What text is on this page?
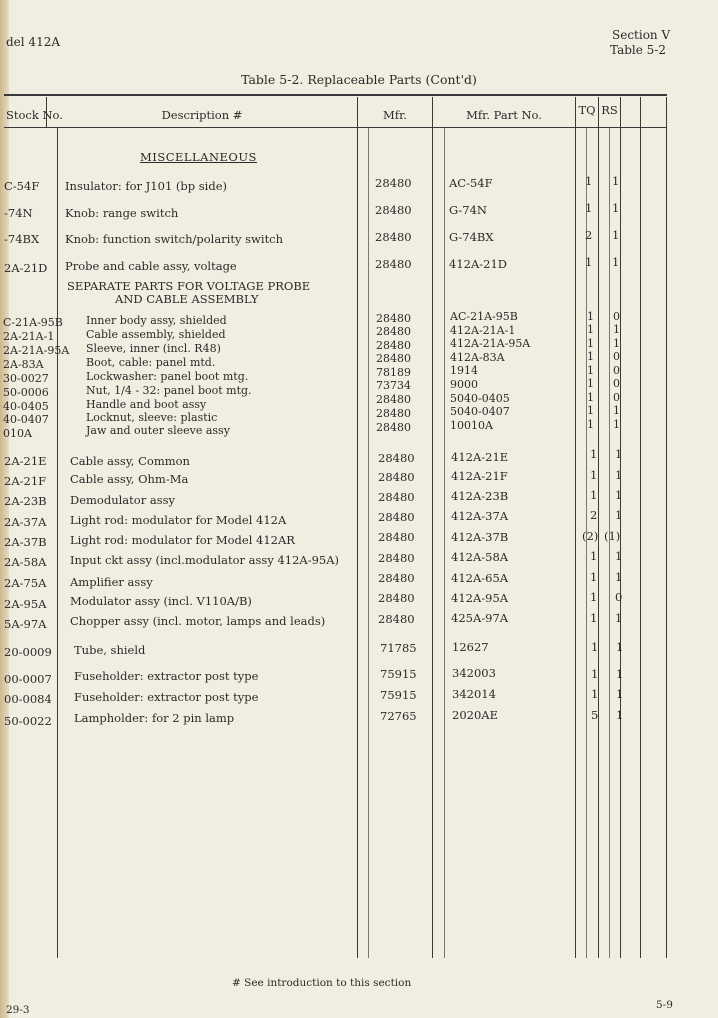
del 412A	Section V
Table 5-2
Table 5-2. Replaceable Parts (Cont'd)
Stock No.	Description #	Mfr.	Mfr. Part No.	TQ RS
MISCELLANEOUS
C-54F Insulator: for J101 (bp side)	28480	AC-54F	1 1
-74N	Knob: range switch	28480	G-74N	1 1
-74BX Knob: function switch/polarity switch	28480	G-74BX	2 1
2A-21D Probe and cable assy, voltage	28480	412A-21D	1 1
SEPARATE PARTS FOR VOLTAGE PROBE
AND CABLE ASSEMBLY
C-21A-95B Inner body assy, shielded	28480	AC-21A-95B	1 0
2A-21A-1	Cable assembly, shielded	28480	412A-21A-1	1 1
2A-21A-95A Sleeve, inner (incl. R48)	28480	412A-21A-95A	1 1
2A-83A	Boot, cable: panel mtd.	28480	412A-83A	1 0
30-0027	Lockwasher: panel boot mtg.	78189	1914	1 0
50-0006	Nut, 1/4 - 32: panel boot mtg.	73734	9000	1 0
40-0405	Handle and boot assy	28480	5040-0405	1 0
40-0407	Locknut, sleeve: plastic	28480	5040-0407	1 1
010A	Jaw and outer sleeve assy	28480	10010A	1 1
2A-21E Cable assy, Common	28480	412A-21E	1 1
2A-21F Cable assy, Ohm-Ma	28480	412A-21F	1 1
2A-23B Demodulator assy	28480	412A-23B	1 1
2A-37A Light rod: modulator for Model 412A	28480	412A-37A	2 1
2A-37B Light rod: modulator for Model 412AR	28480	412A-37B	(2) (1)
2A-58A Input ckt assy (incl.modulator assy 412A-95A)	28480	412A-58A	1 1
2A-75A Amplifier assy	28480	412A-65A	1 1
2A-95A Modulator assy (incl. V110A/B)	28480	412A-95A	1 0
5A-97A Chopper assy (incl. motor, lamps and leads)	28480	425A-97A	1 1
20-0009 Tube, shield	71785	12627	1 1
00-0007 Fuseholder: extractor post type	75915	342003	1 1
00-0084 Fuseholder: extractor post type	75915	342014	1 1
50-0022 Lampholder: for 2 pin lamp	72765	2020AE	5 1
# See introduction to this section
29-3	5-9
